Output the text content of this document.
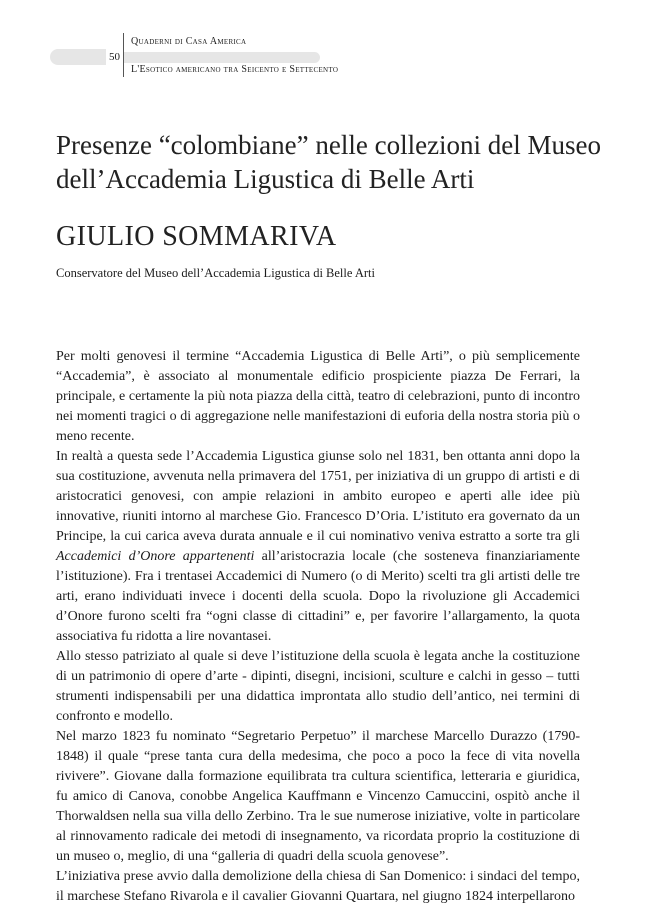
50
Quaderni di Casa America
L'Esotico americano tra Seicento e Settecento
Presenze “colombiane” nelle collezioni del Museo dell’Accademia Ligustica di Belle Arti
GIULIO SOMMARIVA
Conservatore del Museo dell’Accademia Ligustica di Belle Arti

Per molti genovesi il termine “Accademia Ligustica di Belle Arti”, o più semplicemente “Accademia”, è associato al monumentale edificio prospiciente piazza De Ferrari, la principale, e certamente la più nota piazza della città, teatro di celebrazioni, punto di incontro nei momenti tragici o di aggregazione nelle manifestazioni di euforia della nostra storia più o meno recente.

In realtà a questa sede l’Accademia Ligustica giunse solo nel 1831, ben ottanta anni dopo la sua costituzione, avvenuta nella primavera del 1751, per iniziativa di un gruppo di artisti e di aristocratici genovesi, con ampie relazioni in ambito europeo e aperti alle idee più innovative, riuniti intorno al marchese Gio. Francesco D’Oria. L’istituto era governato da un Principe, la cui carica aveva durata annuale e il cui nominativo veniva estratto a sorte tra gli Accademici d’Onore appartenenti all’aristocrazia locale (che sosteneva finanziariamente l’istituzione). Fra i trentasei Accademici di Numero (o di Merito) scelti tra gli artisti delle tre arti, erano individuati invece i docenti della scuola. Dopo la rivoluzione gli Accademici d’Onore furono scelti fra “ogni classe di cittadini” e, per favorire l’allargamento, la quota associativa fu ridotta a lire novantasei.

Allo stesso patriziato al quale si deve l’istituzione della scuola è legata anche la costituzione di un patrimonio di opere d’arte - dipinti, disegni, incisioni, sculture e calchi in gesso – tutti strumenti indispensabili per una didattica improntata allo studio dell’antico, nei termini di confronto e modello.

Nel marzo 1823 fu nominato “Segretario Perpetuo” il marchese Marcello Durazzo (1790-1848) il quale “prese tanta cura della medesima, che poco a poco la fece di vita novella rivivere”. Giovane dalla formazione equilibrata tra cultura scientifica, letteraria e giuridica, fu amico di Canova, conobbe Angelica Kauffmann e Vincenzo Camuccini, ospitò anche il Thorwaldsen nella sua villa dello Zerbino. Tra le sue numerose iniziative, volte in particolare al rinnovamento radicale dei metodi di insegnamento, va ricordata proprio la costituzione di un museo o, meglio, di una “galleria di quadri della scuola genovese”.

L’iniziativa prese avvio dalla demolizione della chiesa di San Domenico: i sindaci del tempo, il marchese Stefano Rivarola e il cavalier Giovanni Quartara, nel giugno 1824 interpellarono
